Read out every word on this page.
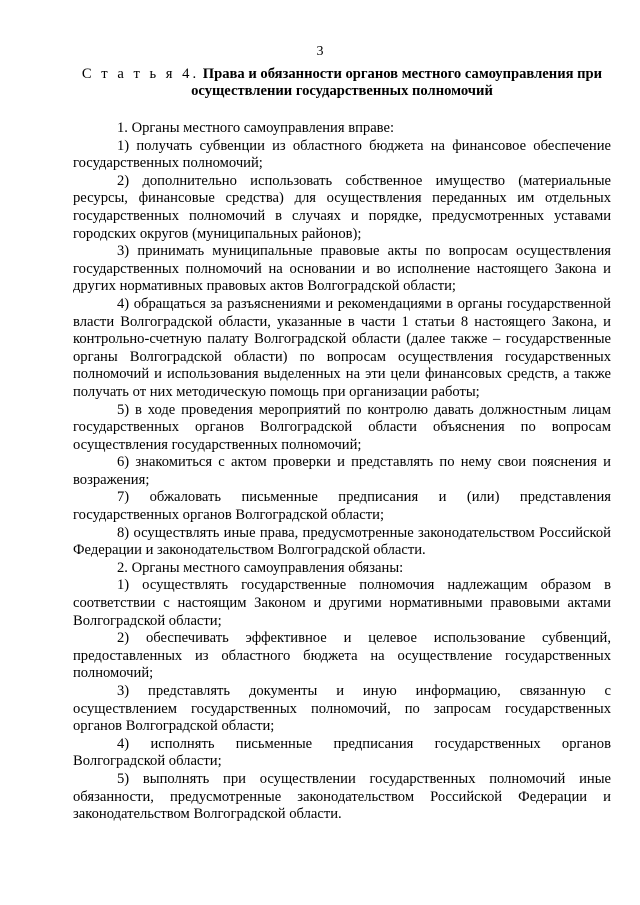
3
С т а т ь я 4. Права и обязанности органов местного самоуправления при осуществлении государственных полномочий

1. Органы местного самоуправления вправе:

1) получать субвенции из областного бюджета на финансовое обеспечение государственных полномочий;

2) дополнительно использовать собственное имущество (материальные ресурсы, финансовые средства) для осуществления переданных им отдельных государственных полномочий в случаях и порядке, предусмотренных уставами городских округов (муниципальных районов);

3) принимать муниципальные правовые акты по вопросам осуществления государственных полномочий на основании и во исполнение настоящего Закона и других нормативных правовых актов Волгоградской области;

4) обращаться за разъяснениями и рекомендациями в органы государственной власти Волгоградской области, указанные в части 1 статьи 8 настоящего Закона, и контрольно-счетную палату Волгоградской области (далее также – государственные органы Волгоградской области) по вопросам осуществления государственных полномочий и использования выделенных на эти цели финансовых средств, а также получать от них методическую помощь при организации работы;

5) в ходе проведения мероприятий по контролю давать должностным лицам государственных органов Волгоградской области объяснения по вопросам осуществления государственных полномочий;

6) знакомиться с актом проверки и представлять по нему свои пояснения и возражения;

7) обжаловать письменные предписания и (или) представления государственных органов Волгоградской области;

8) осуществлять иные права, предусмотренные законодательством Российской Федерации и законодательством Волгоградской области.

2. Органы местного самоуправления обязаны:

1) осуществлять государственные полномочия надлежащим образом в соответствии с настоящим Законом и другими нормативными правовыми актами Волгоградской области;

2) обеспечивать эффективное и целевое использование субвенций, предоставленных из областного бюджета на осуществление государственных полномочий;

3) представлять документы и иную информацию, связанную с осуществлением государственных полномочий, по запросам государственных органов Волгоградской области;

4) исполнять письменные предписания государственных органов Волгоградской области;

5) выполнять при осуществлении государственных полномочий иные обязанности, предусмотренные законодательством Российской Федерации и законодательством Волгоградской области.
